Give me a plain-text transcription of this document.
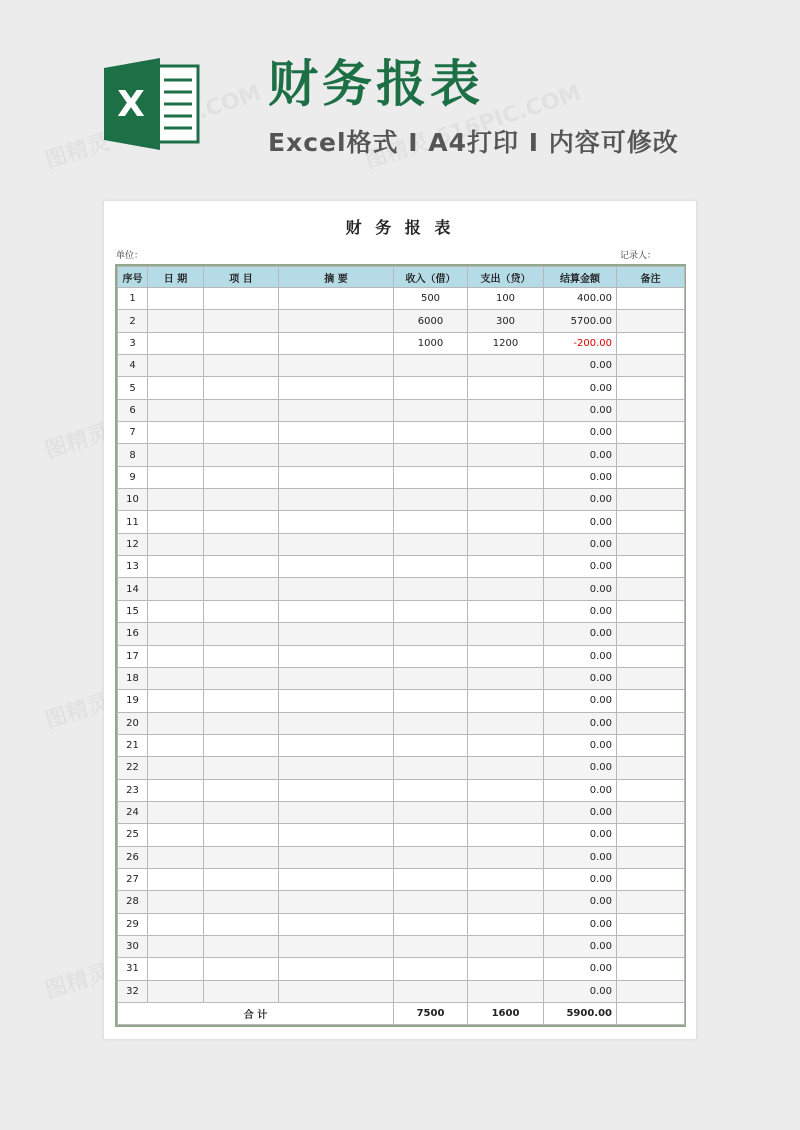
X 财务报表
Excel格式 Ⅰ A4打印 Ⅰ 内容可修改
财 务 报 表
单位：	记录人：
序号	日 期	项 目	摘 要	收入（借）	支出（贷）	结算金额	备注
1				500	100	400.00	
2				6000	300	5700.00	
3				1000	1200	-200.00	
4						0.00	
5						0.00	
6						0.00	
7						0.00	
8						0.00	
9						0.00	
10						0.00	
11						0.00	
12						0.00	
13						0.00	
14						0.00	
15						0.00	
16						0.00	
17						0.00	
18						0.00	
19						0.00	
20						0.00	
21						0.00	
22						0.00	
23						0.00	
24						0.00	
25						0.00	
26						0.00	
27						0.00	
28						0.00	
29						0.00	
30						0.00	
31						0.00	
32						0.00	
合 计				7500	1600	5900.00	
